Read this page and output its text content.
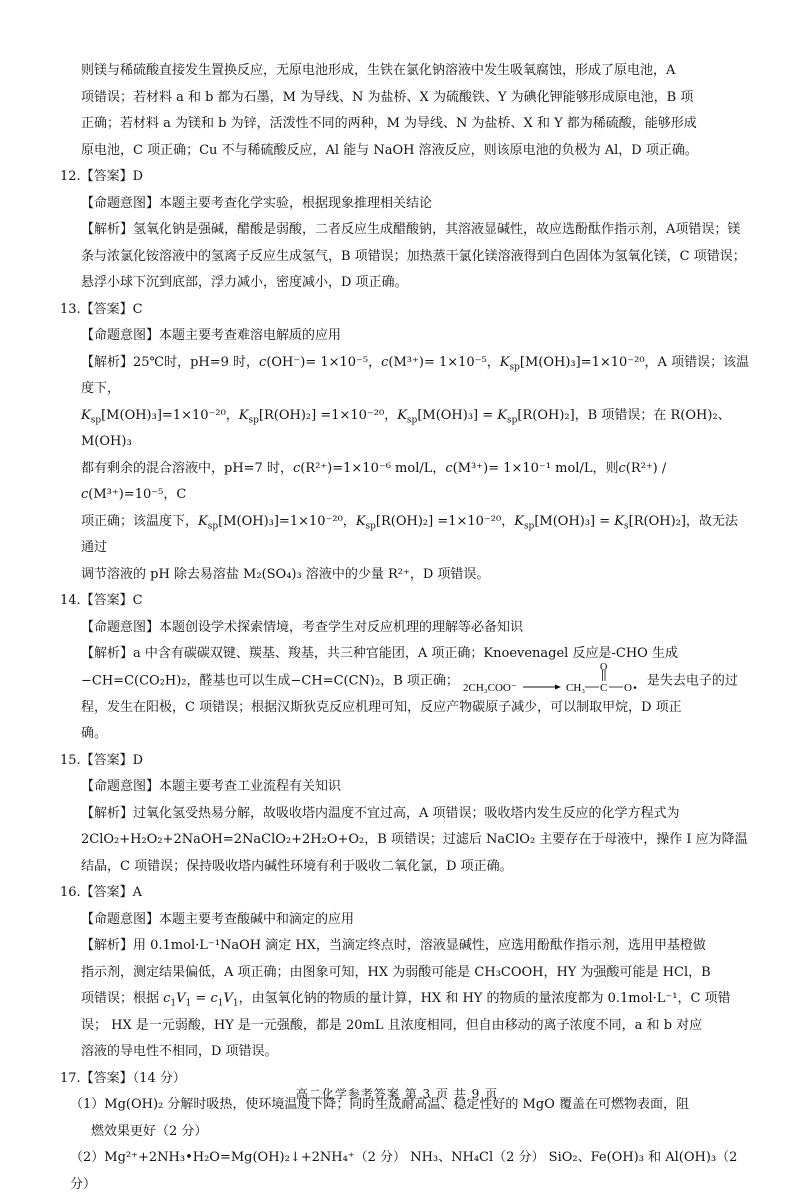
则镁与稀硫酸直接发生置换反应，无原电池形成，生铁在氯化钠溶液中发生吸氧腐蚀，形成了原电池，A
项错误；若材料 a 和 b 都为石墨，M 为导线、N 为盐桥、X 为硫酸铁、Y 为碘化钾能够形成原电池，B 项
正确；若材料 a 为镁和 b 为锌，活泼性不同的两种，M 为导线、N 为盐桥、X 和 Y 都为稀硫酸，能够形成
原电池，C 项正确；Cu 不与稀硫酸反应，Al 能与 NaOH 溶液反应，则该原电池的负极为 Al，D 项正确。
12.【答案】D
【命题意图】本题主要考查化学实验，根据现象推理相关结论
【解析】氢氧化钠是强碱，醋酸是弱酸，二者反应生成醋酸钠，其溶液显碱性，故应选酚酞作指示剂，A项错误；镁条与浓氯化铵溶液中的氢离子反应生成氢气，B 项错误；加热蒸干氯化镁溶液得到白色固体为氢氧化镁，C 项错误；悬浮小球下沉到底部，浮力减小，密度减小，D 项正确。
13.【答案】C
【命题意图】本题主要考查难溶电解质的应用
【解析】25℃时，pH=9 时，c(OH⁻)= 1×10⁻⁵，c(M³⁺)= 1×10⁻⁵，$K_{sp}[M(OH)_3]=1\times 10^{-20}$，A 项错误；该温度下，
$K_{sp}[M(OH)_3]=1\times 10^{-20}$，$K_{sp}[R(OH)_2] =1\times 10^{-20}$，$K_{sp}[M(OH)_3] = K_{sp}[R(OH)_2]$，B 项错误；在 R(OH)₂、M(OH)₃
都有剩余的混合溶液中，pH=7 时，c(R²⁺)=1×10⁻⁶ mol/L，c(M³⁺)= 1×10⁻¹ mol/L，则c(R²⁺) / c(M³⁺)=10⁻⁵，C
项正确；该温度下，$K_{sp}[M(OH)_3]=1\times 10^{-20}$，$K_{sp}[R(OH)_2] =1\times 10^{-20}$，$K_{sp}[M(OH)_3] = K_s[R(OH)_2]$，故无法通过
调节溶液的 pH 除去易溶盐 M₂(SO₄)₃ 溶液中的少量 R²⁺，D 项错误。
14.【答案】C
【命题意图】本题创设学术探索情境，考查学生对反应机理的理解等必备知识
【解析】a 中含有碳碳双键、羰基、羧基，共三种官能团，A 项正确；Knoevenagel 反应是-CHO 生成
−CH=C(CO₂H)₂，醛基也可以生成−CH=C(CN)₂，B 项正确； 2CH₃COO⁻	CH₃ C
O
O 是失去电子的过
程，发生在阳极，C 项错误；根据汉斯狄克反应机理可知，反应产物碳原子减少，可以制取甲烷，D 项正
确。
15.【答案】D
【命题意图】本题主要考查工业流程有关知识
【解析】过氧化氢受热易分解，故吸收塔内温度不宜过高，A 项错误；吸收塔内发生反应的化学方程式为
2ClO₂+H₂O₂+2NaOH=2NaClO₂+2H₂O+O₂，B 项错误；过滤后 NaClO₂ 主要存在于母液中，操作 I 应为降温
结晶，C 项错误；保持吸收塔内碱性环境有利于吸收二氧化氯，D 项正确。
16.【答案】A
【命题意图】本题主要考查酸碱中和滴定的应用
【解析】用 0.1mol·L⁻¹NaOH 滴定 HX，当滴定终点时，溶液显碱性，应选用酚酞作指示剂，选用甲基橙做
指示剂，测定结果偏低，A 项正确；由图象可知，HX 为弱酸可能是 CH₃COOH，HY 为强酸可能是 HCl，B
项错误；根据 $c_1V_1 = c_1V_1$，由氢氧化钠的物质的量计算，HX 和 HY 的物质的量浓度都为 0.1mol·L⁻¹，C 项错
误； HX 是一元弱酸，HY 是一元强酸，都是 20mL 且浓度相同，但自由移动的离子浓度不同，a 和 b 对应
溶液的导电性不相同，D 项错误。
17.【答案】（14 分）
（1）Mg(OH)₂ 分解时吸热，使环境温度下降；同时生成耐高温、稳定性好的 MgO 覆盖在可燃物表面，阻
燃效果更好（2 分）
（2）Mg²⁺+2NH₃•H₂O=Mg(OH)₂↓+2NH₄⁺（2 分） NH₃、NH₄Cl（2 分） SiO₂、Fe(OH)₃ 和 Al(OH)₃（2 分）
高二化学参考答案 第 3 页 共 9 页
